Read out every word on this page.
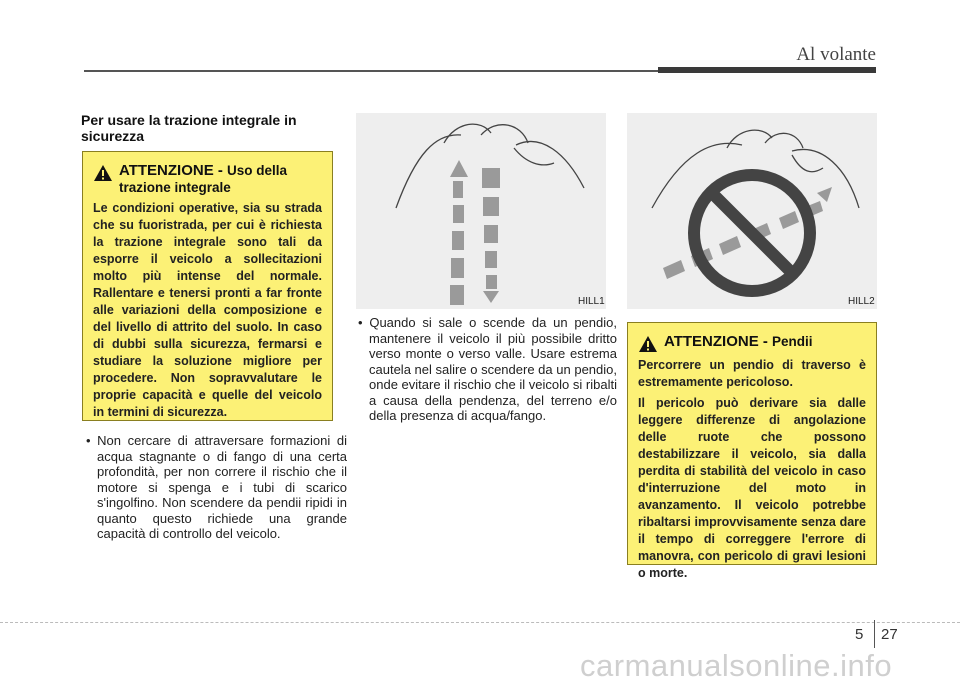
Al volante
Per usare la trazione integrale in sicurezza
ATTENZIONE - Uso della trazione integrale

Le condizioni operative, sia su strada che su fuoristrada, per cui è richiesta la trazione integrale sono tali da esporre il veicolo a sollecitazioni molto più intense del normale. Rallentare e tenersi pronti a far fronte alle variazioni della composizione e del livello di attrito del suolo. In caso di dubbi sulla sicurezza, fermarsi e studiare la soluzione migliore per procedere. Non sopravvalutare le proprie capacità e quelle del veicolo in termini di sicurezza.

• Non cercare di attraversare formazioni di acqua stagnante o di fango di una certa profondità, per non correre il rischio che il motore si spenga e i tubi di scarico s'ingolfino. Non scendere da pendii ripidi in quanto questo richiede una grande capacità di controllo del veicolo.
HILL1
• Quando si sale o scende da un pendio, mantenere il veicolo il più possibile dritto verso monte o verso valle. Usare estrema cautela nel salire o scendere da un pendio, onde evitare il rischio che il veicolo si ribalti a causa della pendenza, del terreno e/o della presenza di acqua/fango.
HILL2
ATTENZIONE - Pendii

Percorrere un pendio di traverso è estremamente pericoloso.

Il pericolo può derivare sia dalle leggere differenze di angolazione delle ruote che possono destabilizzare il veicolo, sia dalla perdita di stabilità del veicolo in caso d'interruzione del moto in avanzamento. Il veicolo potrebbe ribaltarsi improvvisamente senza dare il tempo di correggere l'errore di manovra, con pericolo di gravi lesioni o morte.

5 27
carmanualsonline.info
